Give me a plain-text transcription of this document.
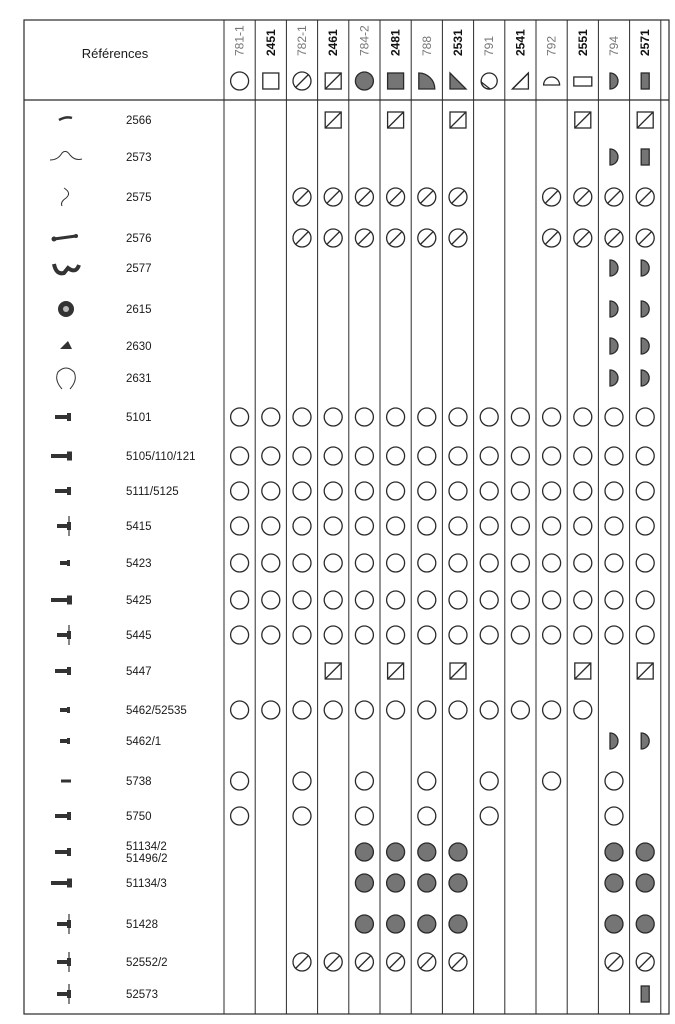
Références	781-1 2451 782-1 2461 784-2 2481 788 2531 791 2541 792 2551 794 2571
2566
2573
2575
2576
2577
2615
2630
2631
5101
5105/110/121
5111/5125
5415
5423
5425
5445
5447
5462/52535
5462/1
5738
5750
51134/2
51496/2
51134/3
51428
52552/2
52573
